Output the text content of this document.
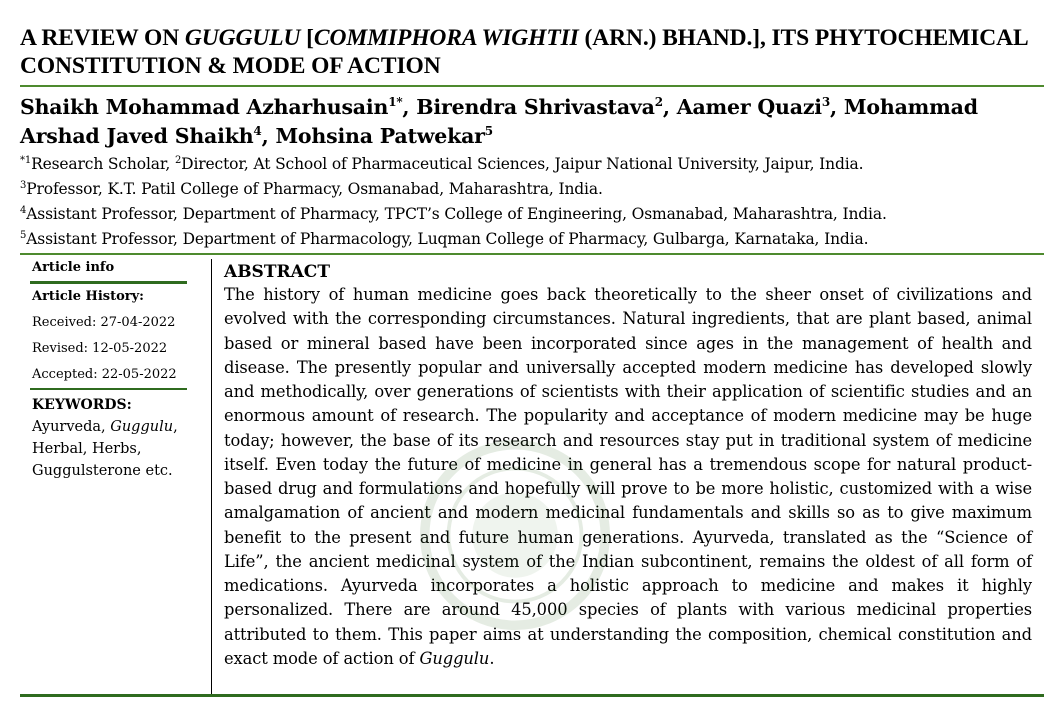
A REVIEW ON GUGGULU [COMMIPHORA WIGHTII (ARN.) BHAND.], ITS PHYTOCHEMICAL
CONSTITUTION & MODE OF ACTION

Shaikh Mohammad Azharhusain$^{1*}$, Birendra Shrivastava$^2$, Aamer Quazi$^3$, Mohammad Arshad Javed Shaikh$^4$, Mohsina Patwekar$^5$

$^{*1}$Research Scholar, $^2$Director, At School of Pharmaceutical Sciences, Jaipur National University, Jaipur, India.
$^3$Professor, K.T. Patil College of Pharmacy, Osmanabad, Maharashtra, India.
$^4$Assistant Professor, Department of Pharmacy, TPCT’s College of Engineering, Osmanabad, Maharashtra, India.
$^5$Assistant Professor, Department of Pharmacology, Luqman College of Pharmacy, Gulbarga, Karnataka, India.
Article info
Article History:
Received: 27-04-2022
Revised: 12-05-2022
Accepted: 22-05-2022
KEYWORDS:
Ayurveda, Guggulu, Herbal, Herbs, Guggulsterone etc.
ABSTRACT

The history of human medicine goes back theoretically to the sheer onset of civilizations and evolved with the corresponding circumstances. Natural ingredients, that are plant based, animal based or mineral based have been incorporated since ages in the management of health and disease. The presently popular and universally accepted modern medicine has developed slowly and methodically, over generations of scientists with their application of scientific studies and an enormous amount of research. The popularity and acceptance of modern medicine may be huge today; however, the base of its research and resources stay put in traditional system of medicine itself. Even today the future of medicine in general has a tremendous scope for natural product-based drug and formulations and hopefully will prove to be more holistic, customized with a wise amalgamation of ancient and modern medicinal fundamentals and skills so as to give maximum benefit to the present and future human generations. Ayurveda, translated as the “Science of Life”, the ancient medicinal system of the Indian subcontinent, remains the oldest of all form of medications. Ayurveda incorporates a holistic approach to medicine and makes it highly personalized. There are around 45,000 species of plants with various medicinal properties attributed to them. This paper aims at understanding the composition, chemical constitution and exact mode of action of Guggulu.
